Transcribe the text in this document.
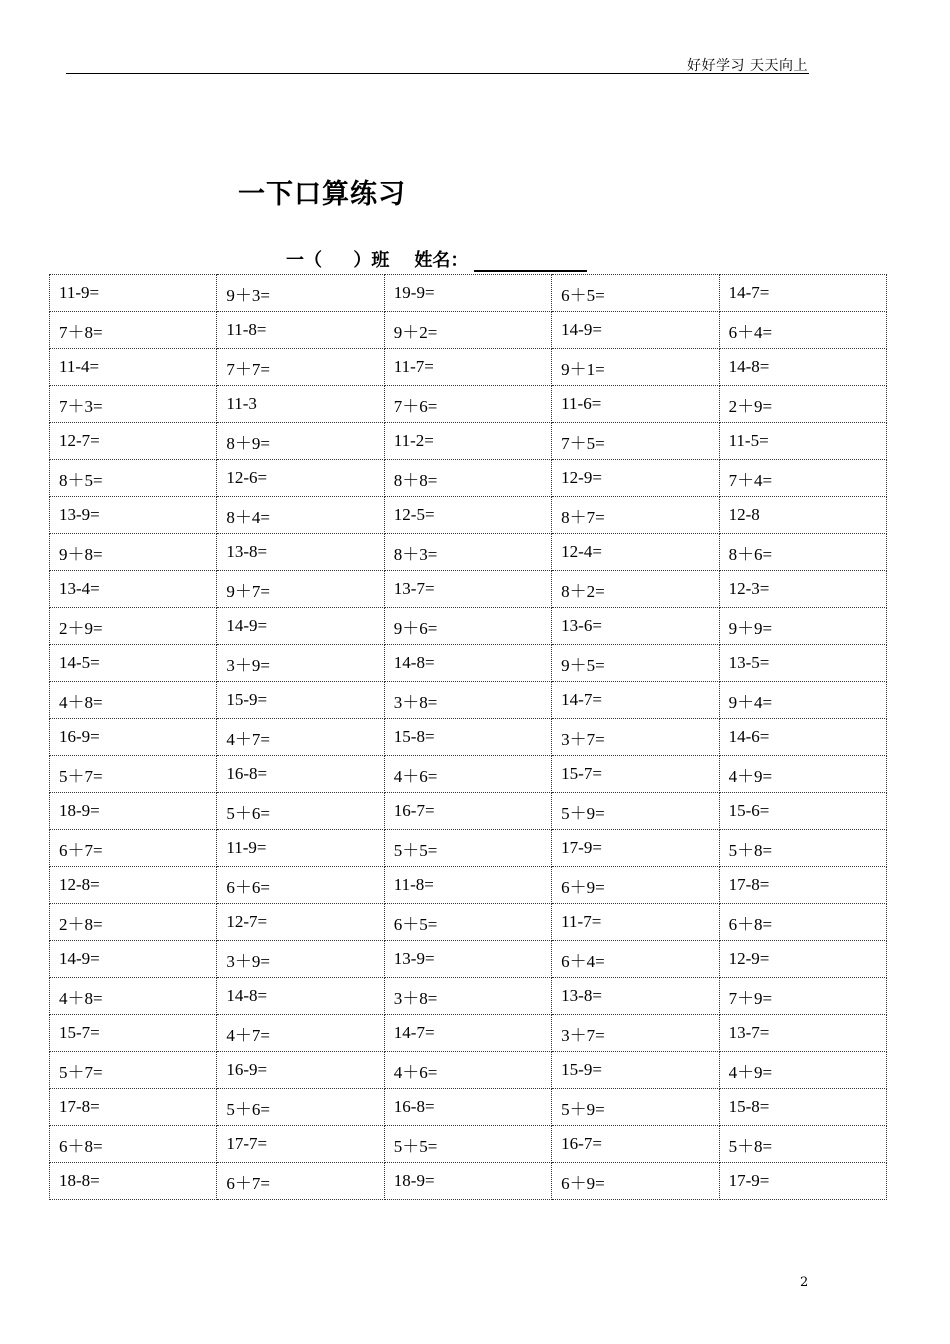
好好学习 天天向上
一下口算练习
一（     ）班    姓名：
11-9=	9＋3=	19-9=	6＋5=	14-7=
7＋8=	11-8=	9＋2=	14-9=	6＋4=
11-4=	7＋7=	11-7=	9＋1=	14-8=
7＋3=	11-3	7＋6=	11-6=	2＋9=
12-7=	8＋9=	11-2=	7＋5=	11-5=
8＋5=	12-6=	8＋8=	12-9=	7＋4=
13-9=	8＋4=	12-5=	8＋7=	12-8
9＋8=	13-8=	8＋3=	12-4=	8＋6=
13-4=	9＋7=	13-7=	8＋2=	12-3=
2＋9=	14-9=	9＋6=	13-6=	9＋9=
14-5=	3＋9=	14-8=	9＋5=	13-5=
4＋8=	15-9=	3＋8=	14-7=	9＋4=
16-9=	4＋7=	15-8=	3＋7=	14-6=
5＋7=	16-8=	4＋6=	15-7=	4＋9=
18-9=	5＋6=	16-7=	5＋9=	15-6=
6＋7=	11-9=	5＋5=	17-9=	5＋8=
12-8=	6＋6=	11-8=	6＋9=	17-8=
2＋8=	12-7=	6＋5=	11-7=	6＋8=
14-9=	3＋9=	13-9=	6＋4=	12-9=
4＋8=	14-8=	3＋8=	13-8=	7＋9=
15-7=	4＋7=	14-7=	3＋7=	13-7=
5＋7=	16-9=	4＋6=	15-9=	4＋9=
17-8=	5＋6=	16-8=	5＋9=	15-8=
6＋8=	17-7=	5＋5=	16-7=	5＋8=
18-8=	6＋7=	18-9=	6＋9=	17-9=
2
